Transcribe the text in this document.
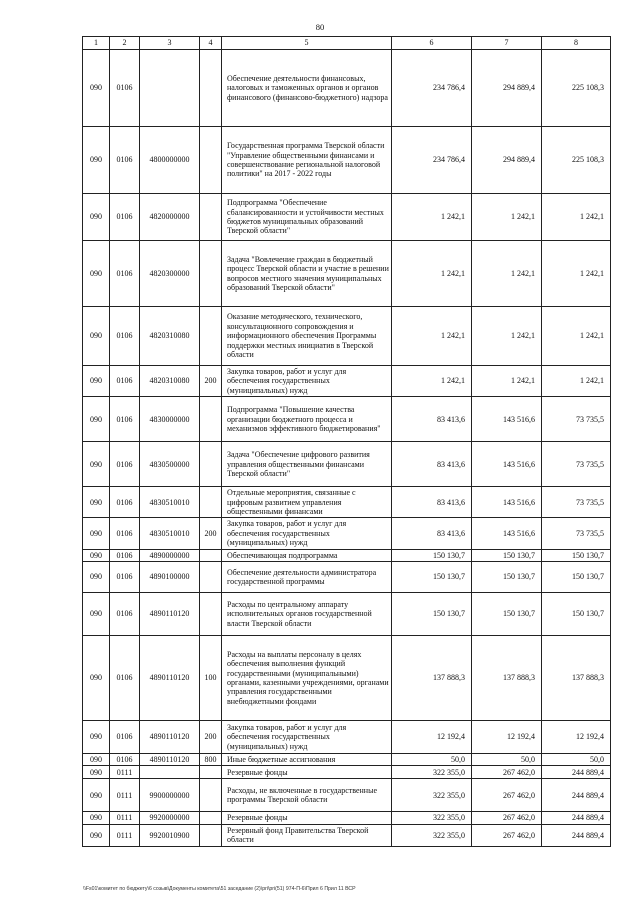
80
1	2	3	4	5	6	7	8
090	0106			Обеспечение деятельности финансовых, налоговых и таможенных органов и органов финансового (финансово-бюджетного) надзора	234 786,4	294 889,4	225 108,3
090	0106	4800000000		Государственная программа Тверской области "Управление общественными финансами и совершенствование региональной налоговой политики" на 2017 - 2022 годы	234 786,4	294 889,4	225 108,3
090	0106	4820000000		Подпрограмма "Обеспечение сбалансированности и устойчивости местных бюджетов муниципальных образований Тверской области"	1 242,1	1 242,1	1 242,1
090	0106	4820300000		Задача "Вовлечение граждан в бюджетный процесс Тверской области и участие в решении вопросов местного значения муниципальных образований Тверской области"	1 242,1	1 242,1	1 242,1
090	0106	4820310080		Оказание методического, технического, консультационного сопровождения и информационного обеспечения Программы поддержки местных инициатив в Тверской области	1 242,1	1 242,1	1 242,1
090	0106	4820310080	200	Закупка товаров, работ и услуг для обеспечения государственных (муниципальных) нужд	1 242,1	1 242,1	1 242,1
090	0106	4830000000		Подпрограмма "Повышение качества организации бюджетного процесса и механизмов эффективного бюджетирования"	83 413,6	143 516,6	73 735,5
090	0106	4830500000		Задача "Обеспечение цифрового развития управления общественными финансами Тверской области"	83 413,6	143 516,6	73 735,5
090	0106	4830510010		Отдельные мероприятия, связанные с цифровым развитием управления общественными финансами	83 413,6	143 516,6	73 735,5
090	0106	4830510010	200	Закупка товаров, работ и услуг для обеспечения государственных (муниципальных) нужд	83 413,6	143 516,6	73 735,5
090	0106	4890000000		Обеспечивающая подпрограмма	150 130,7	150 130,7	150 130,7
090	0106	4890100000		Обеспечение деятельности администратора государственной программы	150 130,7	150 130,7	150 130,7
090	0106	4890110120		Расходы по центральному аппарату исполнительных органов государственной власти Тверской области	150 130,7	150 130,7	150 130,7
090	0106	4890110120	100	Расходы на выплаты персоналу в целях обеспечения выполнения функций государственными (муниципальными) органами, казенными учреждениями, органами управления государственными внебюджетными фондами	137 888,3	137 888,3	137 888,3
090	0106	4890110120	200	Закупка товаров, работ и услуг для обеспечения государственных (муниципальных) нужд	12 192,4	12 192,4	12 192,4
090	0106	4890110120	800	Иные бюджетные ассигнования	50,0	50,0	50,0
090	0111			Резервные фонды	322 355,0	267 462,0	244 889,4
090	0111	9900000000		Расходы, не включенные в государственные программы Тверской области	322 355,0	267 462,0	244 889,4
090	0111	9920000000		Резервные фонды	322 355,0	267 462,0	244 889,4
090	0111	9920010900		Резервный фонд Правительства Тверской области	322 355,0	267 462,0	244 889,4
\\Fs01\комитет по бюджету\6 созыв\Документы комитета\51 заседание (2)\pri\pri(51) 974-П-6\Прил 6 Прил 11 ВСР
